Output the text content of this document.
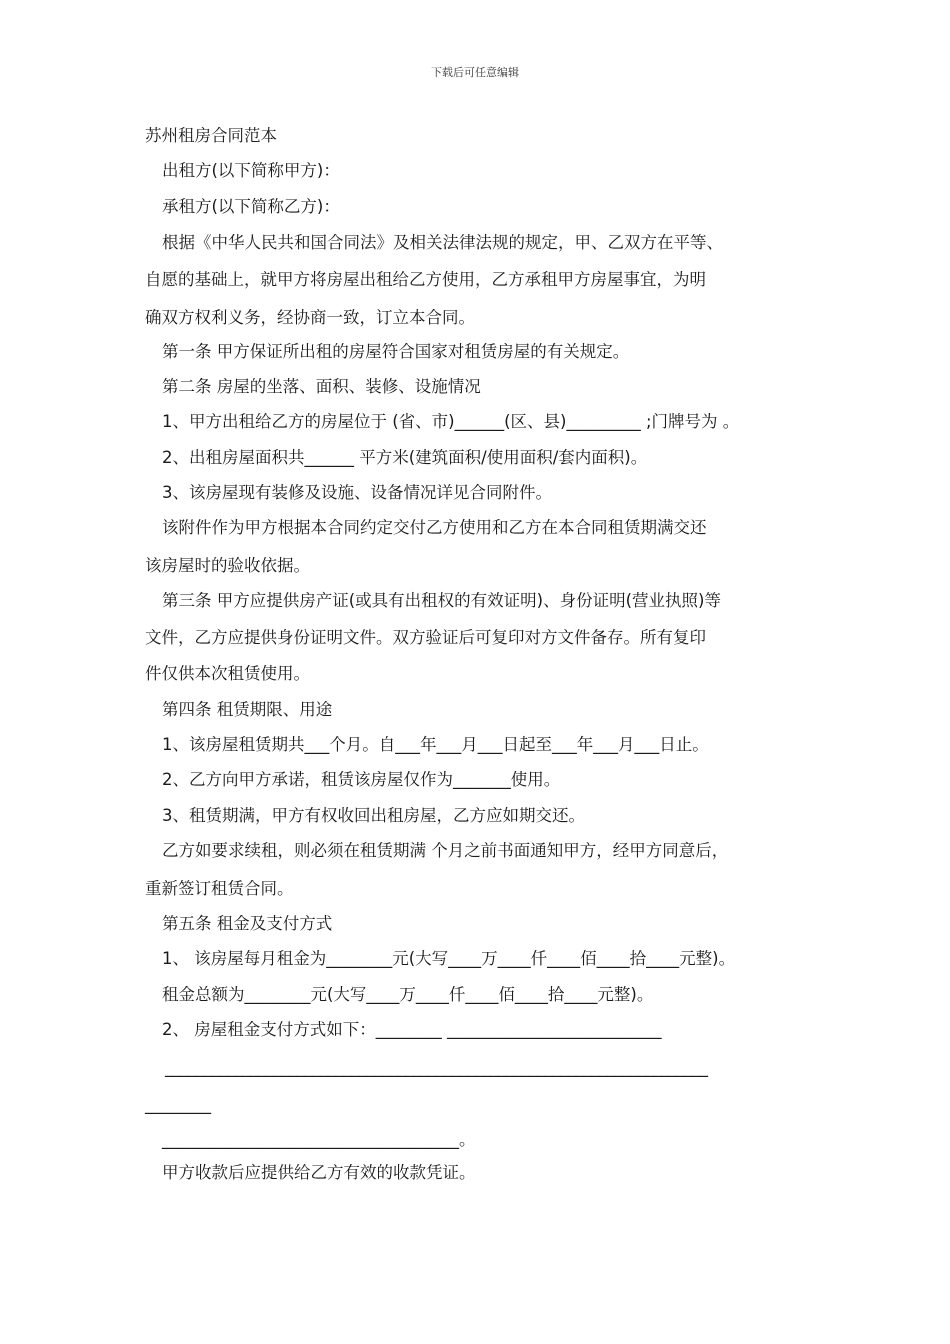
下载后可任意编辑
苏州租房合同范本
出租方(以下简称甲方)：
承租方(以下简称乙方)：
根据《中华人民共和国合同法》及相关法律法规的规定，甲、乙双方在平等、
自愿的基础上，就甲方将房屋出租给乙方使用，乙方承租甲方房屋事宜，为明
确双方权利义务，经协商一致，订立本合同。
第一条 甲方保证所出租的房屋符合国家对租赁房屋的有关规定。
第二条 房屋的坐落、面积、装修、设施情况
1、甲方出租给乙方的房屋位于 (省、市)______(区、县)_________ ;门牌号为 。
2、出租房屋面积共______ 平方米(建筑面积/使用面积/套内面积)。
3、该房屋现有装修及设施、设备情况详见合同附件。
该附件作为甲方根据本合同约定交付乙方使用和乙方在本合同租赁期满交还
该房屋时的验收依据。
第三条 甲方应提供房产证(或具有出租权的有效证明)、身份证明(营业执照)等
文件，乙方应提供身份证明文件。双方验证后可复印对方文件备存。所有复印
件仅供本次租赁使用。
第四条 租赁期限、用途
1、该房屋租赁期共___个月。自___年___月___日起至___年___月___日止。
2、乙方向甲方承诺，租赁该房屋仅作为_______使用。
3、租赁期满，甲方有权收回出租房屋，乙方应如期交还。
乙方如要求续租，则必须在租赁期满 个月之前书面通知甲方，经甲方同意后，
重新签订租赁合同。
第五条 租金及支付方式
1、 该房屋每月租金为________元(大写____万____仟____佰____拾____元整)。
租金总额为________元(大写____万____仟____佰____拾____元整)。
2、 房屋租金支付方式如下：________ __________________________
______________________________________________________________________
________
____________________________________。
甲方收款后应提供给乙方有效的收款凭证。
